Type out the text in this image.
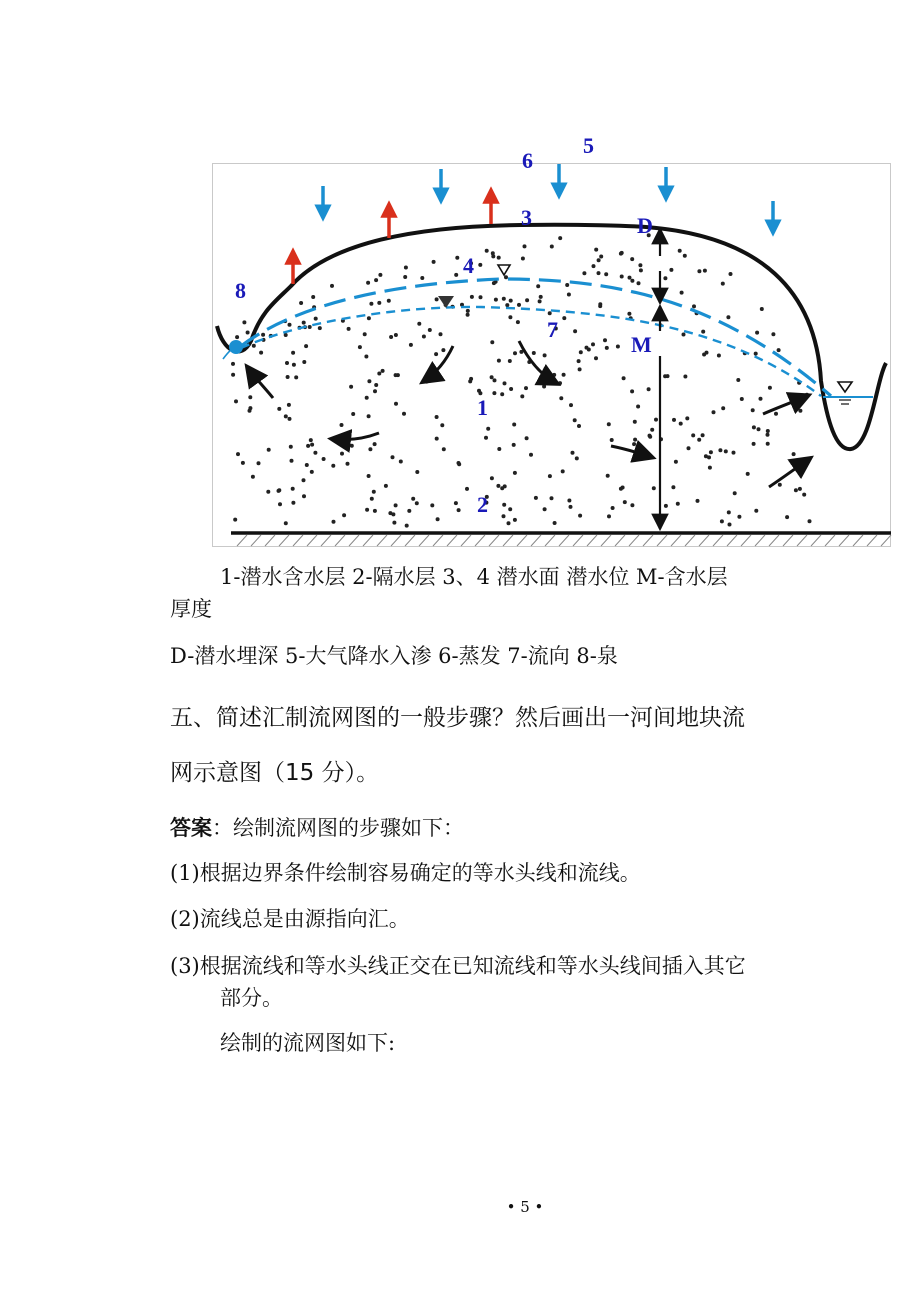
6
5
3	D
4
8
7
M
1
2
1-潜水含水层 2-隔水层 3、4 潜水面 潜水位 M-含水层
厚度
D-潜水埋深 5-大气降水入渗 6-蒸发 7-流向 8-泉
五、简述汇制流网图的一般步骤？然后画出一河间地块流
网示意图（15 分）。
答案：绘制流网图的步骤如下：
(1)根据边界条件绘制容易确定的等水头线和流线。
(2)流线总是由源指向汇。
(3)根据流线和等水头线正交在已知流线和等水头线间插入其它
部分。
绘制的流网图如下:
• 5 •
